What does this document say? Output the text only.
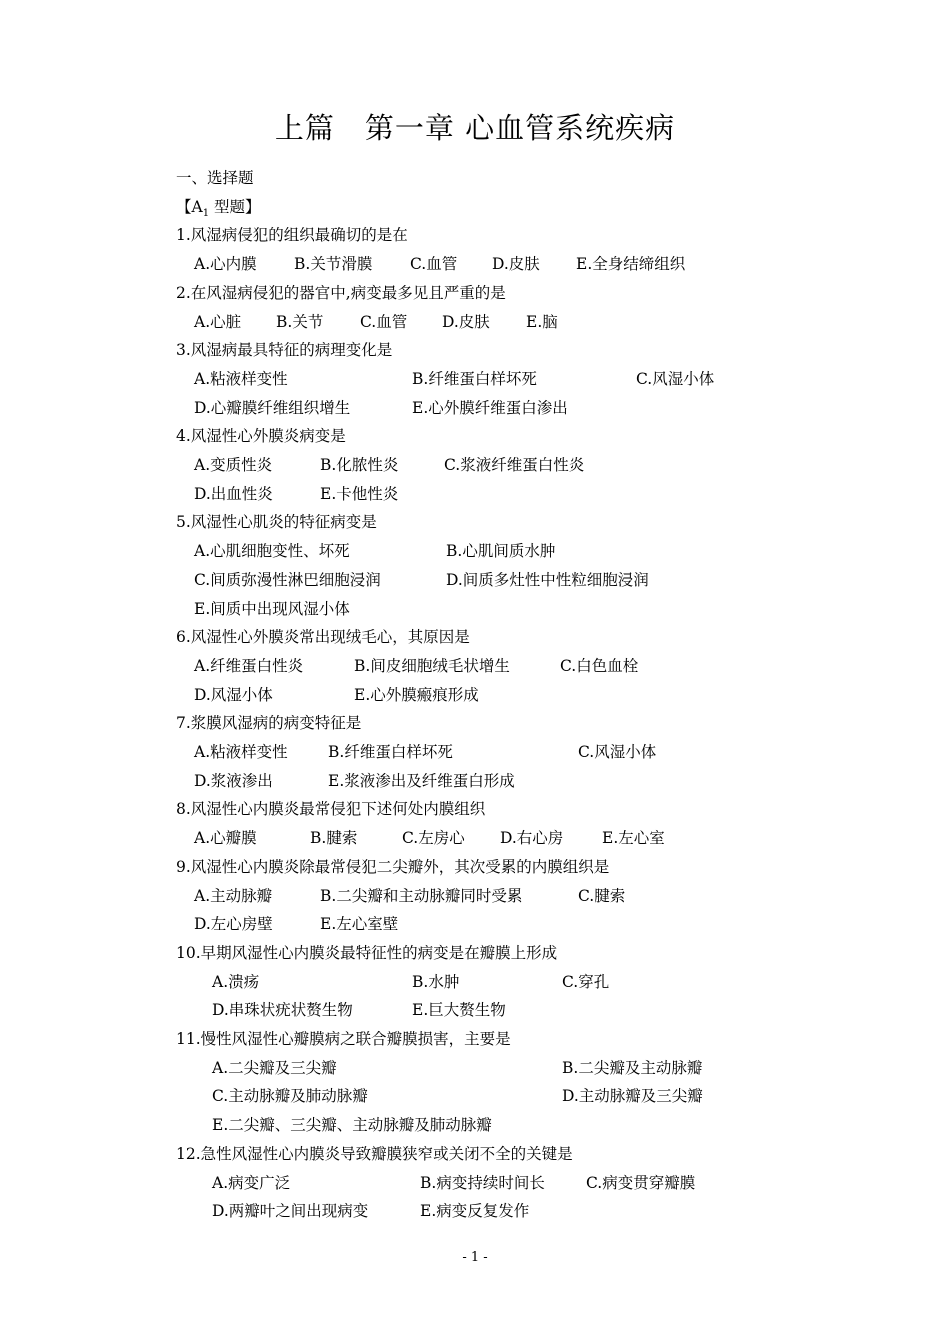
上篇　第一章 心血管系统疾病
一、选择题
【$A_1$ 型题】
1.风湿病侵犯的组织最确切的是在
A.心内膜 B.关节滑膜 C.血管 D.皮肤 E.全身结缔组织
2.在风湿病侵犯的器官中,病变最多见且严重的是
A.心脏 B.关节 C.血管 D.皮肤 E.脑
3.风湿病最具特征的病理变化是
A.粘液样变性	B.纤维蛋白样坏死	C.风湿小体
D.心瓣膜纤维组织增生	E.心外膜纤维蛋白渗出
4.风湿性心外膜炎病变是
A.变质性炎	B.化脓性炎	C.浆液纤维蛋白性炎
D.出血性炎	E.卡他性炎
5.风湿性心肌炎的特征病变是
A.心肌细胞变性、坏死	B.心肌间质水肿
C.间质弥漫性淋巴细胞浸润	D.间质多灶性中性粒细胞浸润
E.间质中出现风湿小体
6.风湿性心外膜炎常出现绒毛心，其原因是
A.纤维蛋白性炎	B.间皮细胞绒毛状增生	C.白色血栓
D.风湿小体	E.心外膜瘢痕形成
7.浆膜风湿病的病变特征是
A.粘液样变性	B.纤维蛋白样坏死	C.风湿小体
D.浆液渗出	E.浆液渗出及纤维蛋白形成
8.风湿性心内膜炎最常侵犯下述何处内膜组织
A.心瓣膜	B.腱索	C.左房心 D.右心房 E.左心室
9.风湿性心内膜炎除最常侵犯二尖瓣外，其次受累的内膜组织是
A.主动脉瓣	B.二尖瓣和主动脉瓣同时受累	C.腱索
D.左心房壁	E.左心室壁
10.早期风湿性心内膜炎最特征性的病变是在瓣膜上形成
A.溃疡	B.水肿	C.穿孔
D.串珠状疣状赘生物	E.巨大赘生物
11.慢性风湿性心瓣膜病之联合瓣膜损害，主要是
A.二尖瓣及三尖瓣	B.二尖瓣及主动脉瓣
C.主动脉瓣及肺动脉瓣	D.主动脉瓣及三尖瓣
E.二尖瓣、三尖瓣、主动脉瓣及肺动脉瓣
12.急性风湿性心内膜炎导致瓣膜狭窄或关闭不全的关键是
A.病变广泛	B.病变持续时间长	C.病变贯穿瓣膜
D.两瓣叶之间出现病变	E.病变反复发作
- 1 -
